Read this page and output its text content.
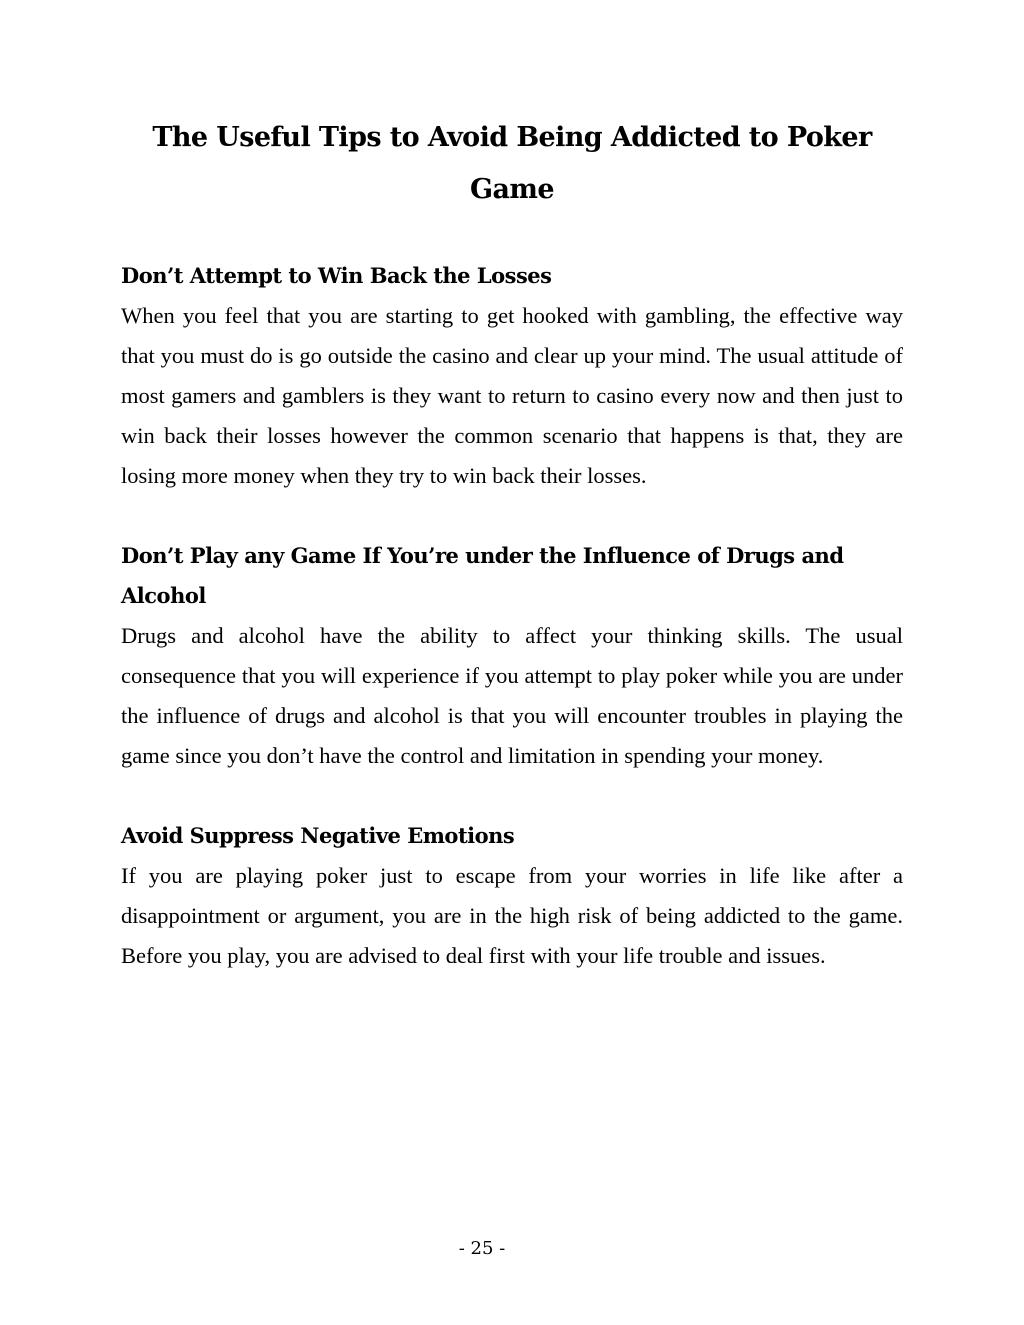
The Useful Tips to Avoid Being Addicted to Poker Game

Don’t Attempt to Win Back the Losses

When you feel that you are starting to get hooked with gambling, the effective way that you must do is go outside the casino and clear up your mind. The usual attitude of most gamers and gamblers is they want to return to casino every now and then just to win back their losses however the common scenario that happens is that, they are losing more money when they try to win back their losses.

Don’t Play any Game If You’re under the Influence of Drugs and Alcohol

Drugs and alcohol have the ability to affect your thinking skills. The usual consequence that you will experience if you attempt to play poker while you are under the influence of drugs and alcohol is that you will encounter troubles in playing the game since you don’t have the control and limitation in spending your money.

Avoid Suppress Negative Emotions

If you are playing poker just to escape from your worries in life like after a disappointment or argument, you are in the high risk of being addicted to the game. Before you play, you are advised to deal first with your life trouble and issues.

- 25 -
